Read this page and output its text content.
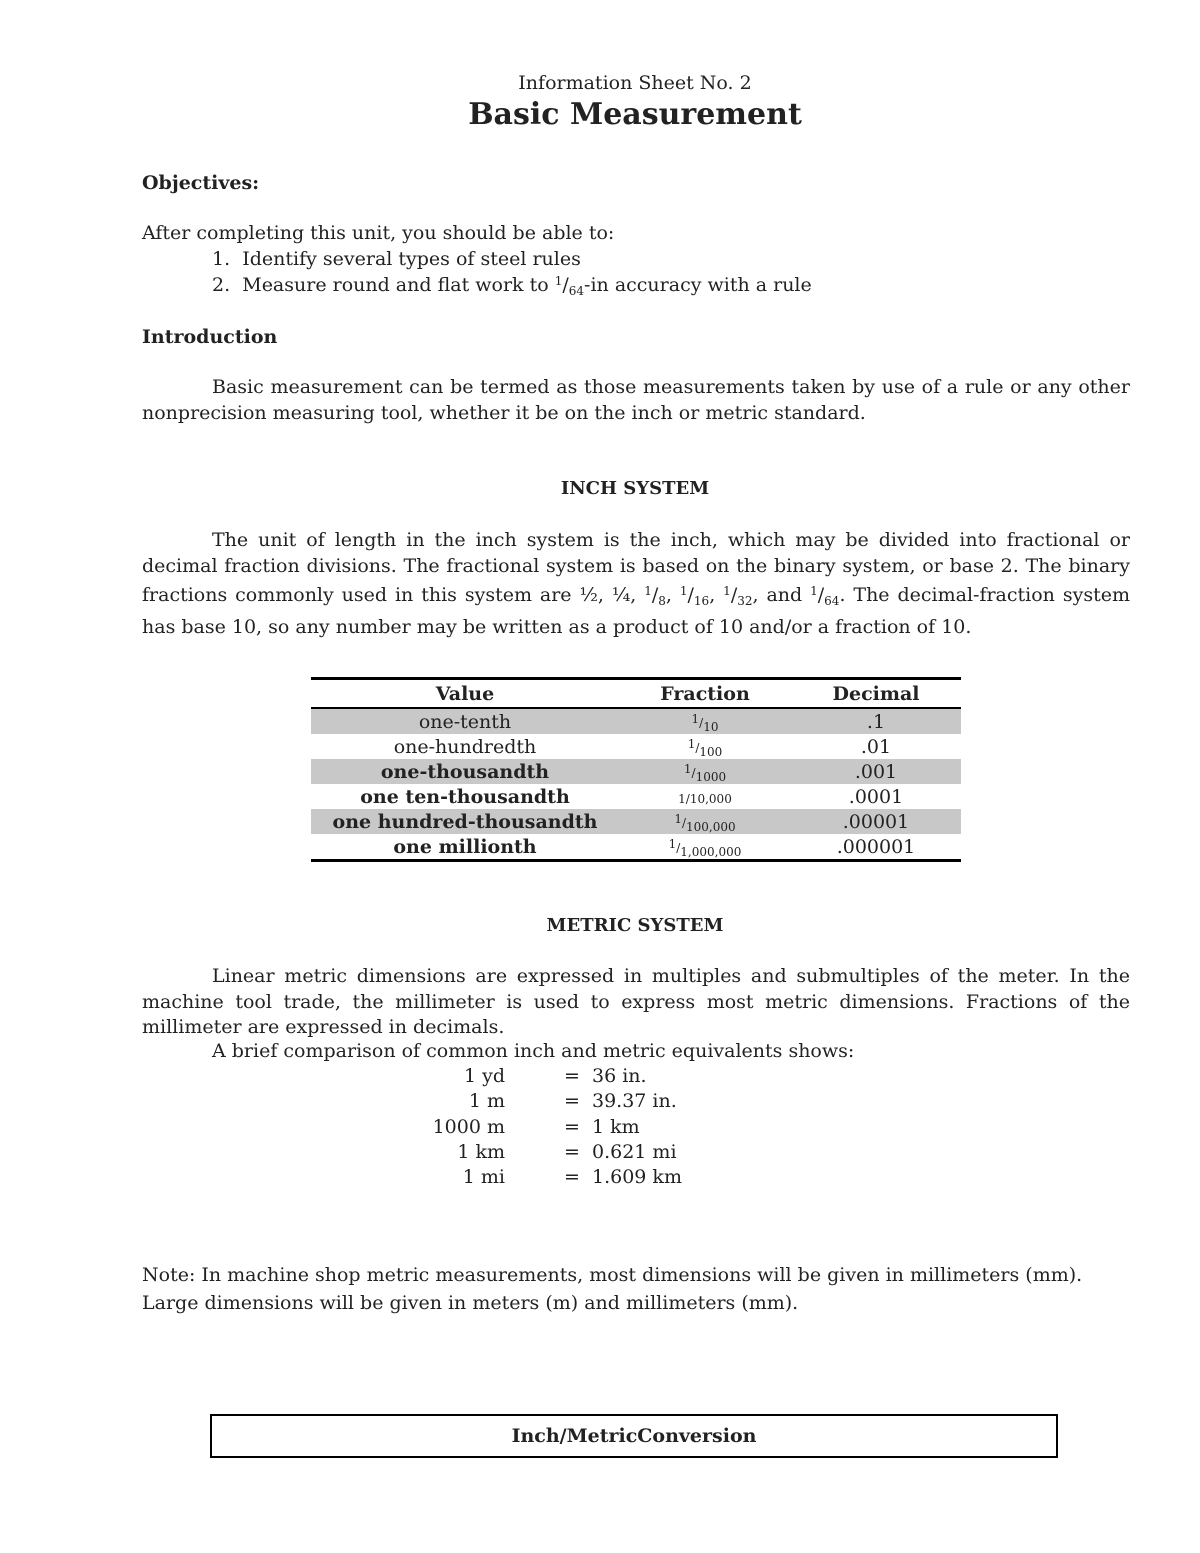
Information Sheet No. 2
Basic Measurement
Objectives:
After completing this unit, you should be able to:
1. Identify several types of steel rules
2. Measure round and flat work to $^1/_{64}-in$ accuracy with a rule
Introduction
Basic measurement can be termed as those measurements taken by use of a rule or any other nonprecision measuring tool, whether it be on the inch or metric standard.
INCH SYSTEM
The unit of length in the inch system is the inch, which may be divided into fractional or decimal fraction divisions. The fractional system is based on the binary system, or base 2. The binary fractions commonly used in this system are ½, ¼, $^1/_8$, $^1/_{16}$, $^1/_{32}$, and $^1/_{64}$. The decimal-fraction system has base 10, so any number may be written as a product of 10 and/or a fraction of 10.
Value	Fraction	Decimal
one-tenth	1/10	.1
one-hundredth	1/100	.01
one-thousandth	1/1000	.001
one ten-thousandth	1/10,000	.0001
one hundred-thousandth	1/100,000	.00001
one millionth	1/1,000,000	.000001
METRIC SYSTEM
Linear metric dimensions are expressed in multiples and submultiples of the meter. In the machine tool trade, the millimeter is used to express most metric dimensions. Fractions of the millimeter are expressed in decimals.
A brief comparison of common inch and metric equivalents shows:
1 yd	= 36 in.
1 m	= 39.37 in.
1000 m	= 1 km
1 km	= 0.621 mi
1 mi	= 1.609 km
Note: In machine shop metric measurements, most dimensions will be given in millimeters (mm). Large dimensions will be given in meters (m) and millimeters (mm).
Inch/MetricConversion
